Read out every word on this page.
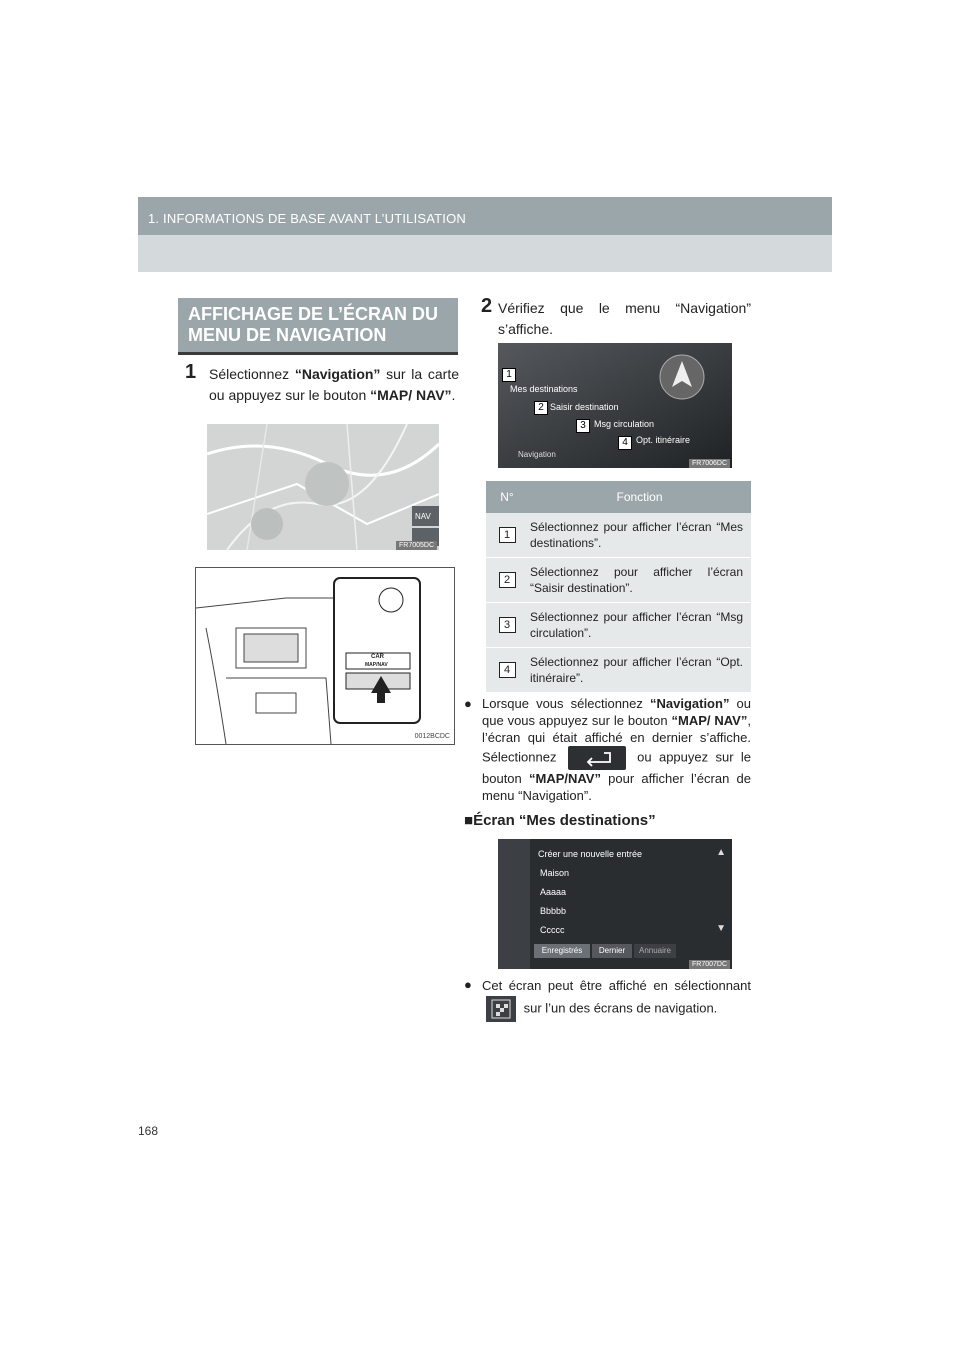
1. INFORMATIONS DE BASE AVANT L’UTILISATION
AFFICHAGE DE L’ÉCRAN DU
MENU DE NAVIGATION
1 Sélectionnez “Navigation” sur la carte ou appuyez sur le bouton “MAP/ NAV”.
NAV
FR7005DC
CAR
MAP/NAV
0012BCDC
2 Vérifiez que le menu “Navigation” s’affiche.
1
Mes destinations
2 Saisir destination
3 Msg circulation
4 Opt. itinéraire
Navigation
FR7006DC
N°	Fonction
1	Sélectionnez pour afficher l’écran “Mes destinations”.
2	Sélectionnez pour afficher l’écran “Saisir destination”.
3	Sélectionnez pour afficher l’écran “Msg circulation”.
4	Sélectionnez pour afficher l’écran “Opt. itinéraire”.
● Lorsque vous sélectionnez “Navigation” ou que vous appuyez sur le bouton “MAP/ NAV”, l’écran qui était affiché en dernier s’affiche. Sélectionnez	ou appuyez sur le bouton “MAP/NAV” pour afficher l’écran de menu “Navigation”.
■Écran “Mes destinations”
Créer une nouvelle entrée
Maison
Aaaaa
Bbbbb
Ccccc
Enregistrés	Dernier	Annuaire
▲
▼
FR7007DC
● Cet écran peut être affiché en sélectionnant  sur l’un des écrans de navigation.
168
